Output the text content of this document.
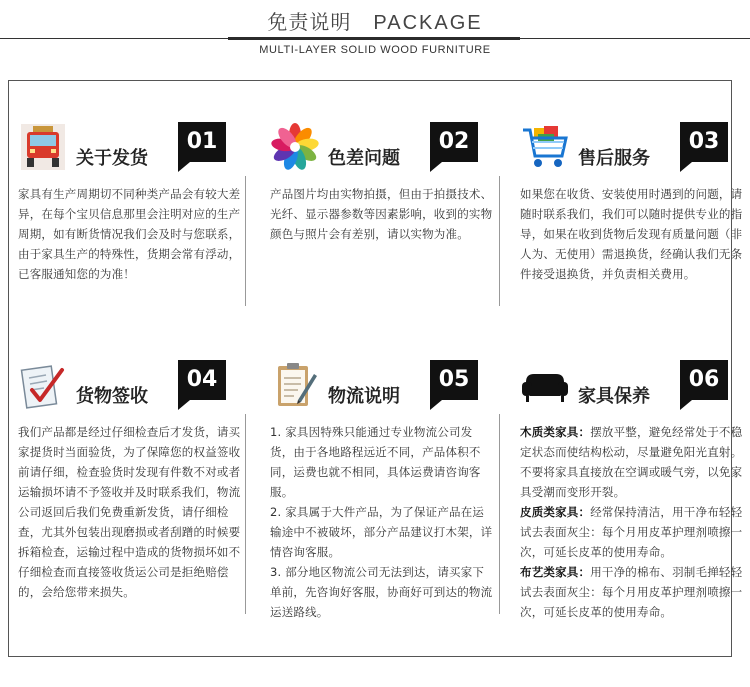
免责说明 PACKAGE
MULTI-LAYER SOLID WOOD FURNITURE
关于发货
01

家具有生产周期切不同种类产品会有较大差异，在每个宝贝信息那里会注明对应的生产周期，如有断货情况我们会及时与您联系，由于家具生产的特殊性，货期会常有浮动，已客服通知您的为准！

色差问题
02

产品图片均由实物拍摄，但由于拍摄技术、光纤、显示器参数等因素影响，收到的实物颜色与照片会有差别，请以实物为准。

售后服务
03

如果您在收货、安装使用时遇到的问题，请随时联系我们，我们可以随时提供专业的指导，如果在收到货物后发现有质量问题（非人为、无使用）需退换货，经确认我们无条件接受退换货，并负责相关费用。

货物签收
04

我们产品都是经过仔细检查后才发货，请买家提货时当面验货，为了保障您的权益签收前请仔细，检查验货时发现有件数不对或者运输损坏请不予签收并及时联系我们，物流公司返回后我们免费重新发货，请仔细检查，尤其外包装出现磨损或者刮蹭的时候要拆箱检查，运输过程中造成的货物损坏如不仔细检查而直接签收货运公司是拒绝赔偿的，会给您带来损失。

物流说明
05

1. 家具因特殊只能通过专业物流公司发货，由于各地路程远近不同，产品体积不同，运费也就不相同，具体运费请咨询客服。

2. 家具属于大件产品，为了保证产品在运输途中不被破坏，部分产品建议打木架，详情咨询客服。

3. 部分地区物流公司无法到达，请买家下单前，先咨询好客服，协商好可到达的物流运送路线。

家具保养
06

木质类家具：摆放平整，避免经常处于不稳定状态而使结构松动，尽量避免阳光直射。不要将家具直接放在空调或暖气旁，以免家具受潮而变形开裂。

皮质类家具：经常保持清洁，用干净布轻轻试去表面灰尘：每个月用皮革护理剂喷擦一次，可延长皮革的使用寿命。

布艺类家具：用干净的棉布、羽制毛掸轻轻试去表面灰尘：每个月用皮革护理剂喷擦一次，可延长皮革的使用寿命。
